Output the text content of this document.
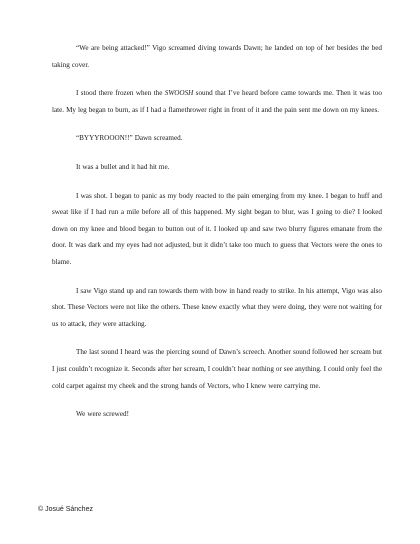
“We are being attacked!” Vigo screamed diving towards Dawn; he landed on top of her besides the bed taking cover.

I stood there frozen when the SWOOSH sound that I’ve heard before came towards me. Then it was too late. My leg began to burn, as if I had a flamethrower right in front of it and the pain sent me down on my knees.

“BYYYROOON!!” Dawn screamed.

It was a bullet and it had hit me.

I was shot. I began to panic as my body reacted to the pain emerging from my knee. I began to huff and sweat like if I had run a mile before all of this happened. My sight began to blur, was I going to die? I looked down on my knee and blood began to button out of it. I looked up and saw two blurry figures emanate from the door. It was dark and my eyes had not adjusted, but it didn’t take too much to guess that Vectors were the ones to blame.

I saw Vigo stand up and ran towards them with bow in hand ready to strike. In his attempt, Vigo was also shot. These Vectors were not like the others. These knew exactly what they were doing, they were not waiting for us to attack, they were attacking.

The last sound I heard was the piercing sound of Dawn’s screech. Another sound followed her scream but I just couldn’t recognize it. Seconds after her scream, I couldn’t hear nothing or see anything. I could only feel the cold carpet against my cheek and the strong hands of Vectors, who I knew were carrying me.

We were screwed!

© Josué Sánchez
